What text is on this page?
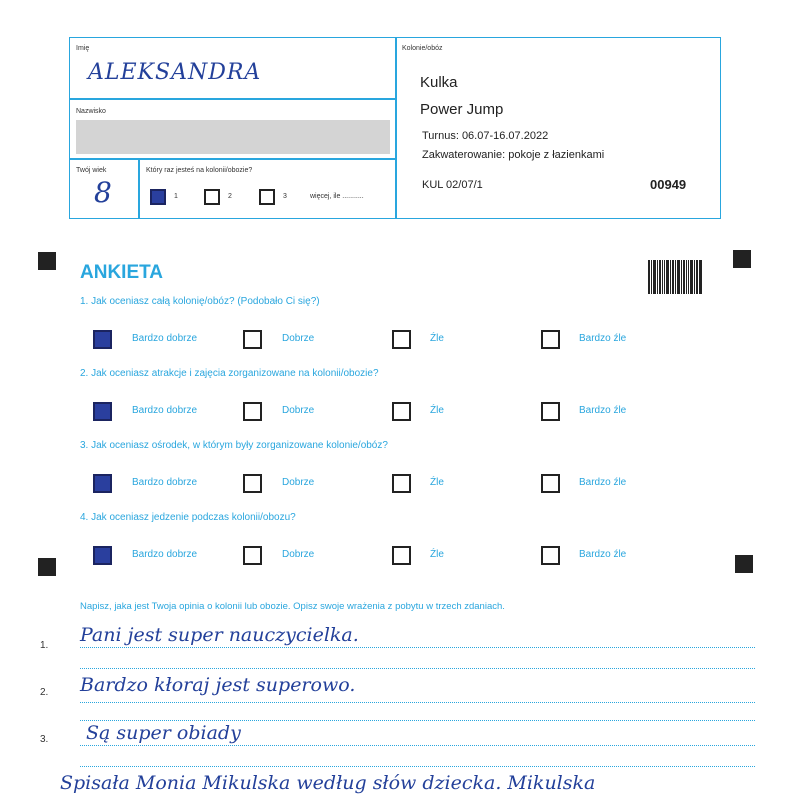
Imię
ALEKSANDRA
Nazwisko
Twój wiek
8
Który raz jesteś na kolonii/obozie?
1	2	3	więcej, ile ...........
Kolonie/obóz
Kulka
Power Jump
Turnus: 06.07-16.07.2022
Zakwaterowanie: pokoje z łazienkami
KUL 02/07/1	00949
ANKIETA
1. Jak oceniasz całą kolonię/obóz? (Podobało Ci się?)
Bardzo dobrze	Dobrze	Źle	Bardzo źle
2. Jak oceniasz atrakcje i zajęcia zorganizowane na kolonii/obozie?
Bardzo dobrze	Dobrze	Źle	Bardzo źle
3. Jak oceniasz ośrodek, w którym były zorganizowane kolonie/obóz?
Bardzo dobrze	Dobrze	Źle	Bardzo źle
4. Jak oceniasz jedzenie podczas kolonii/obozu?
Bardzo dobrze	Dobrze	Źle	Bardzo źle
Napisz, jaka jest Twoja opinia o kolonii lub obozie. Opisz swoje wrażenia z pobytu w trzech zdaniach.
1.
2.
3.
Pani jest super nauczycielka.
Bardzo kłoraj jest superowo.
Są super obiady
Spisała Monia Mikulska według słów dziecka. Mikulska
